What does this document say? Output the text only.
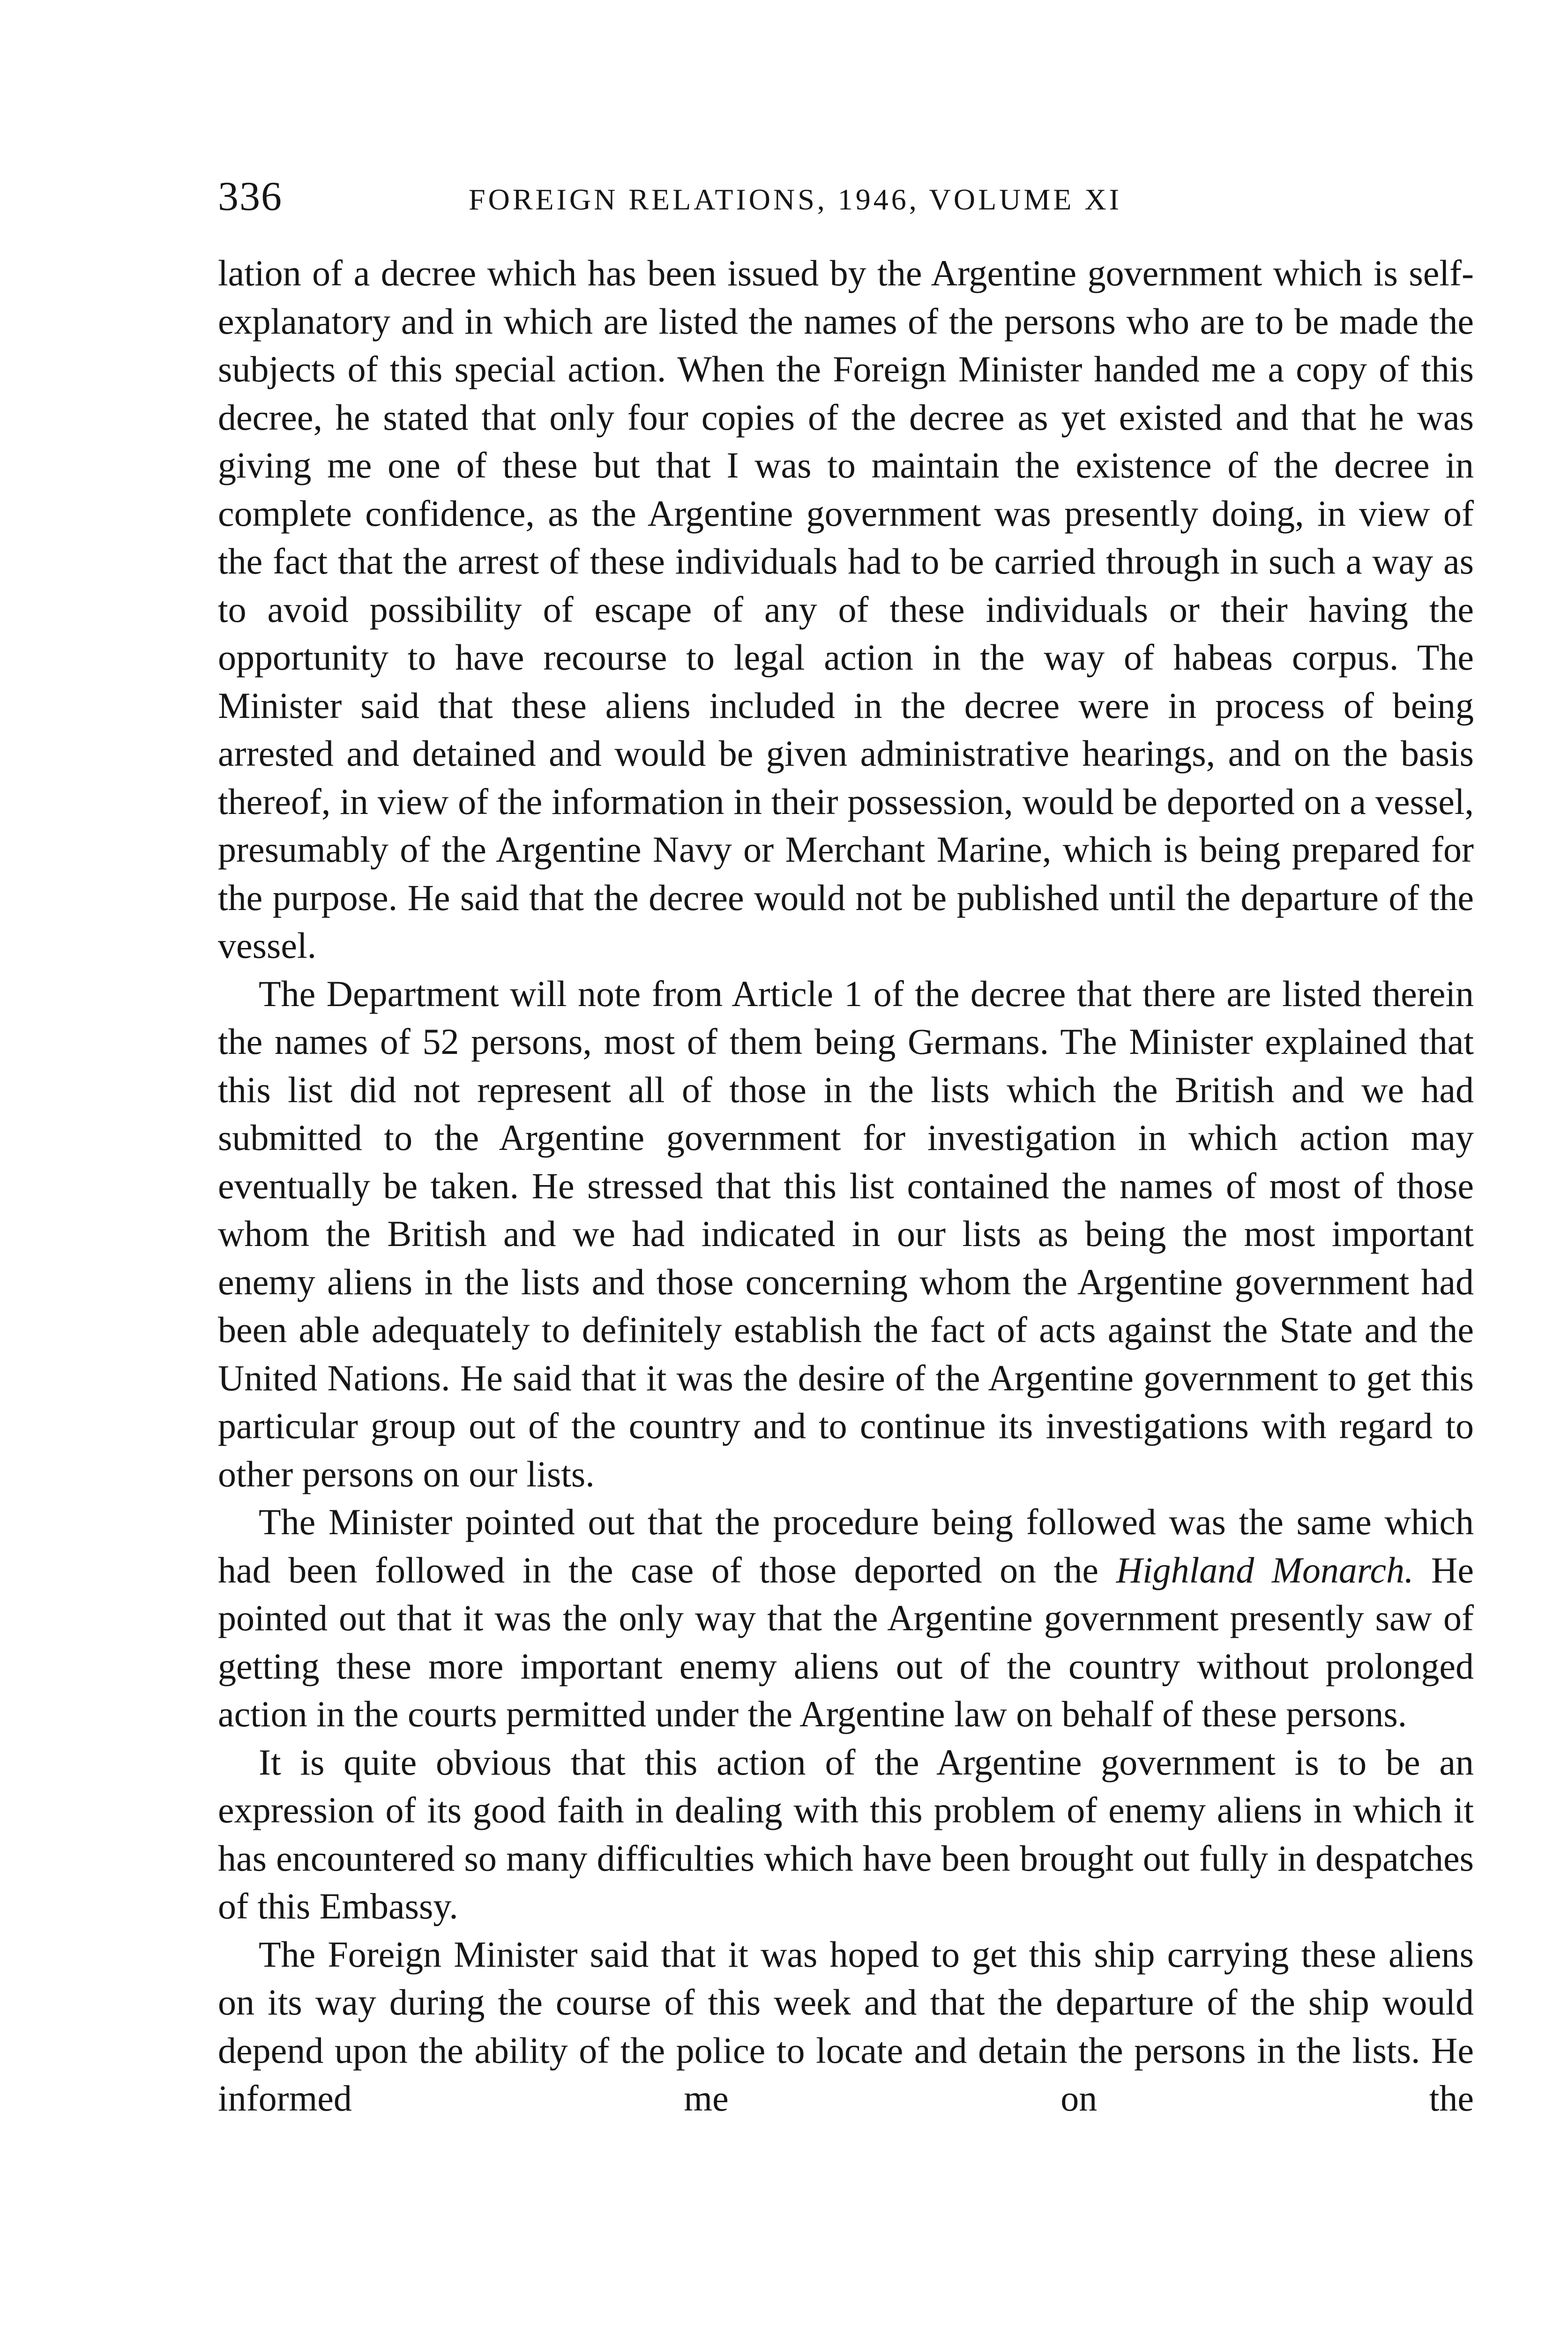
336	FOREIGN RELATIONS, 1946, VOLUME XI

lation of a decree which has been issued by the Argentine government which is self-explanatory and in which are listed the names of the persons who are to be made the subjects of this special action. When the Foreign Minister handed me a copy of this decree, he stated that only four copies of the decree as yet existed and that he was giving me one of these but that I was to maintain the existence of the decree in complete confidence, as the Argentine government was presently doing, in view of the fact that the arrest of these individuals had to be carried through in such a way as to avoid possibility of escape of any of these individuals or their having the opportunity to have recourse to legal action in the way of habeas corpus. The Minister said that these aliens included in the decree were in process of being arrested and detained and would be given administrative hearings, and on the basis thereof, in view of the information in their possession, would be deported on a vessel, presumably of the Argentine Navy or Merchant Marine, which is being prepared for the purpose. He said that the decree would not be published until the departure of the vessel.

The Department will note from Article 1 of the decree that there are listed therein the names of 52 persons, most of them being Germans. The Minister explained that this list did not represent all of those in the lists which the British and we had submitted to the Argentine government for investigation in which action may eventually be taken. He stressed that this list contained the names of most of those whom the British and we had indicated in our lists as being the most important enemy aliens in the lists and those concerning whom the Argentine government had been able adequately to definitely establish the fact of acts against the State and the United Nations. He said that it was the desire of the Argentine government to get this particular group out of the country and to continue its investigations with regard to other persons on our lists.

The Minister pointed out that the procedure being followed was the same which had been followed in the case of those deported on the Highland Monarch. He pointed out that it was the only way that the Argentine government presently saw of getting these more important enemy aliens out of the country without prolonged action in the courts permitted under the Argentine law on behalf of these persons.

It is quite obvious that this action of the Argentine government is to be an expression of its good faith in dealing with this problem of enemy aliens in which it has encountered so many difficulties which have been brought out fully in despatches of this Embassy.

The Foreign Minister said that it was hoped to get this ship carrying these aliens on its way during the course of this week and that the departure of the ship would depend upon the ability of the police to locate and detain the persons in the lists. He informed me on the
